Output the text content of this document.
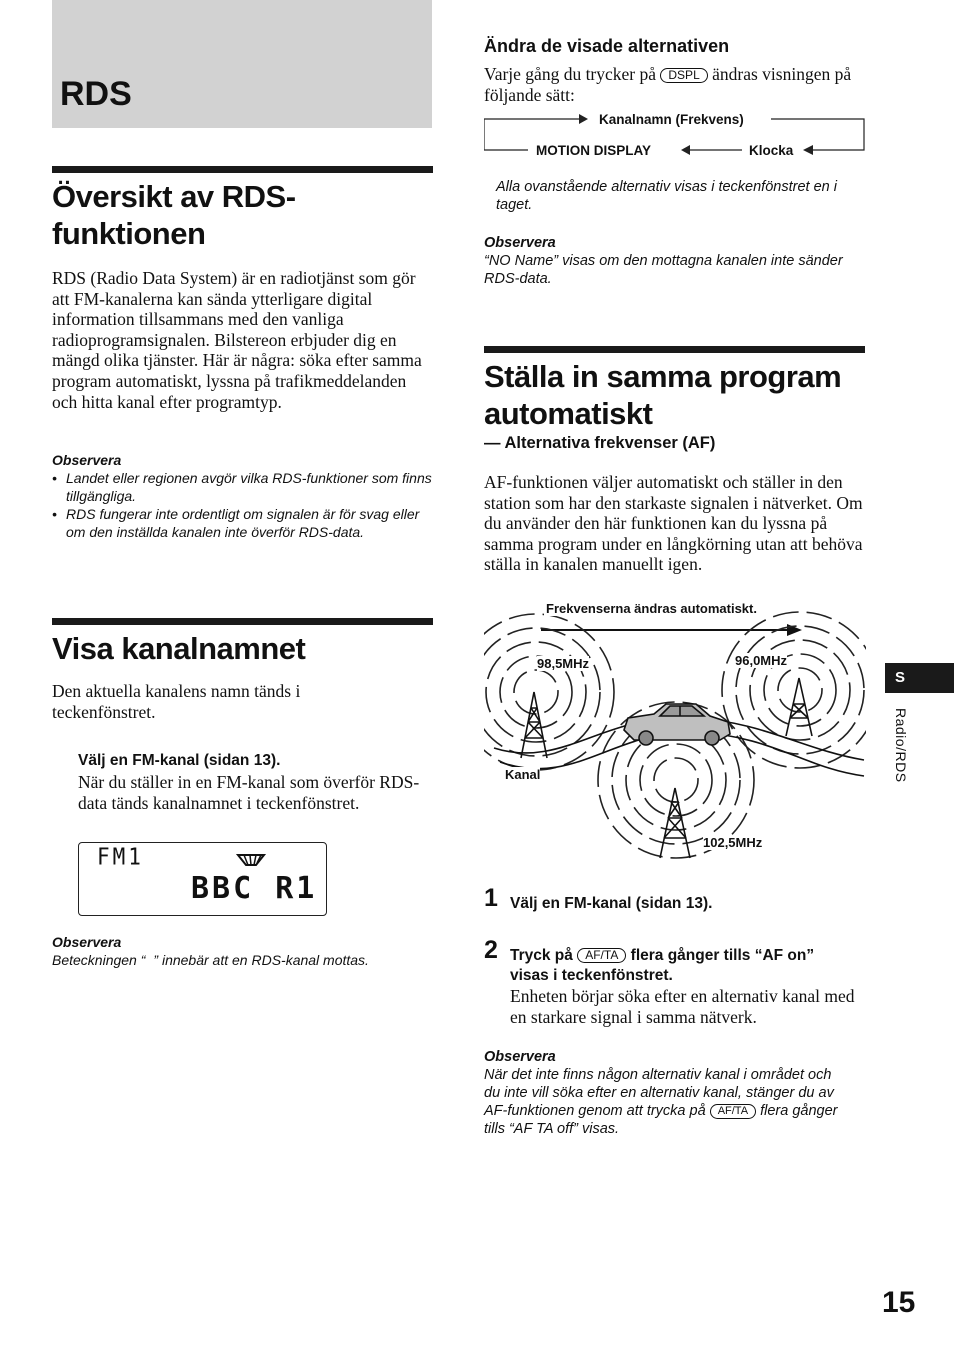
RDS
Översikt av RDS-
funktionen
RDS (Radio Data System) är en radiotjänst som gör att FM-kanalerna kan sända ytterligare digital information tillsammans med den vanliga radioprogramsignalen. Bilstereon erbjuder dig en mängd olika tjänster. Här är några: söka efter samma program automatiskt, lyssna på trafikmeddelanden och hitta kanal efter programtyp.
Observera
• Landet eller regionen avgör vilka RDS-funktioner som finns tillgängliga.
• RDS fungerar inte ordentligt om signalen är för svag eller om den inställda kanalen inte överför RDS-data.
Visa kanalnamnet
Den aktuella kanalens namn tänds i teckenfönstret.
Välj en FM-kanal (sidan 13).
När du ställer in en FM-kanal som överför RDS-data tänds kanalnamnet i teckenfönstret.
FM1
BBC R1
Observera
Beteckningen “ ” innebär att en RDS-kanal mottas.
Ändra de visade alternativen
Varje gång du trycker på DSPL ändras visningen på följande sätt:
Kanalnamn (Frekvens)
MOTION DISPLAY	Klocka
Alla ovanstående alternativ visas i teckenfönstret en i taget.
Observera
“NO Name” visas om den mottagna kanalen inte sänder RDS-data.
Ställa in samma program
automatiskt
— Alternativa frekvenser (AF)
AF-funktionen väljer automatiskt och ställer in den station som har den starkaste signalen i nätverket. Om du använder den här funktionen kan du lyssna på samma program under en långkörning utan att behöva ställa in kanalen manuellt igen.
Frekvenserna ändras automatiskt.
98,5MHz	96,0MHz
102,5MHz
Kanal
1 Välj en FM-kanal (sidan 13).
2 Tryck på AF/TA flera gånger tills “AF on” visas i teckenfönstret.
Enheten börjar söka efter en alternativ kanal med en starkare signal i samma nätverk.
Observera
När det inte finns någon alternativ kanal i området och du inte vill söka efter en alternativ kanal, stänger du av AF-funktionen genom att trycka på AF/TA flera gånger tills “AF TA off” visas.
S
Radio/RDS
15
